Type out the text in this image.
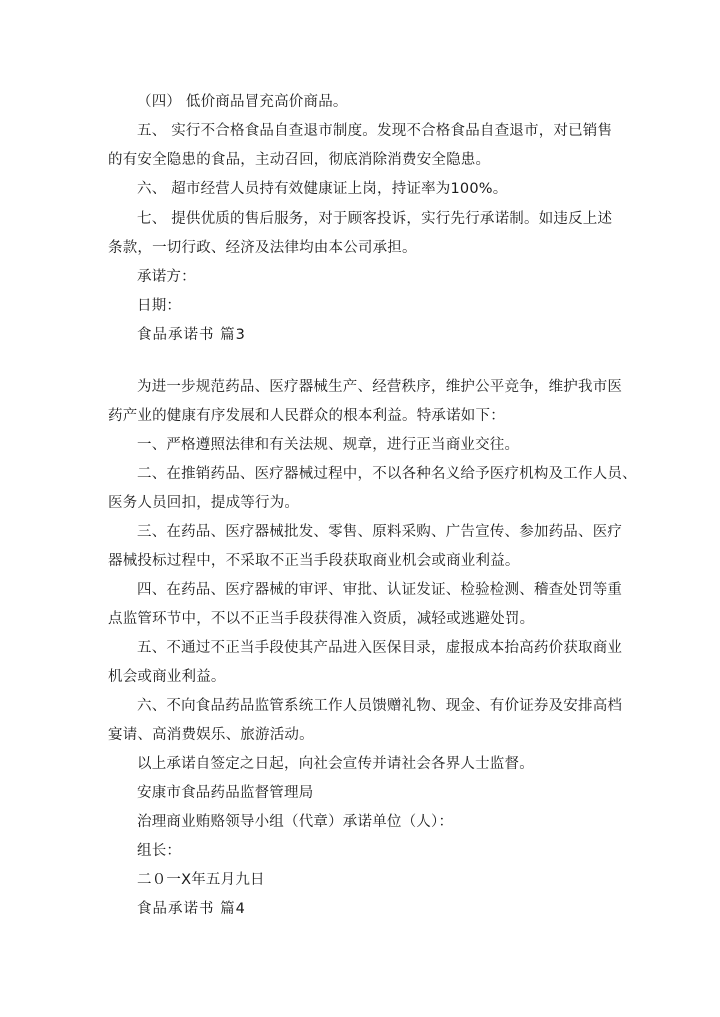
（四） 低价商品冒充高价商品。
五、 实行不合格食品自查退市制度。发现不合格食品自查退市，对已销售
的有安全隐患的食品，主动召回，彻底消除消费安全隐患。
六、 超市经营人员持有效健康证上岗，持证率为100%。
七、 提供优质的售后服务，对于顾客投诉，实行先行承诺制。如违反上述
条款，一切行政、经济及法律均由本公司承担。
承诺方：
日期：
食品承诺书 篇3
为进一步规范药品、医疗器械生产、经营秩序，维护公平竞争，维护我市医
药产业的健康有序发展和人民群众的根本利益。特承诺如下：
一、严格遵照法律和有关法规、规章，进行正当商业交往。
二、在推销药品、医疗器械过程中，不以各种名义给予医疗机构及工作人员、
医务人员回扣，提成等行为。
三、在药品、医疗器械批发、零售、原料采购、广告宣传、参加药品、医疗
器械投标过程中，不采取不正当手段获取商业机会或商业利益。
四、在药品、医疗器械的审评、审批、认证发证、检验检测、稽查处罚等重
点监管环节中，不以不正当手段获得准入资质，减轻或逃避处罚。
五、不通过不正当手段使其产品进入医保目录，虚报成本抬高药价获取商业
机会或商业利益。
六、不向食品药品监管系统工作人员馈赠礼物、现金、有价证券及安排高档
宴请、高消费娱乐、旅游活动。
以上承诺自签定之日起，向社会宣传并请社会各界人士监督。
安康市食品药品监督管理局
治理商业贿赂领导小组（代章）承诺单位（人）：
组长：
二０一X年五月九日
食品承诺书 篇4
